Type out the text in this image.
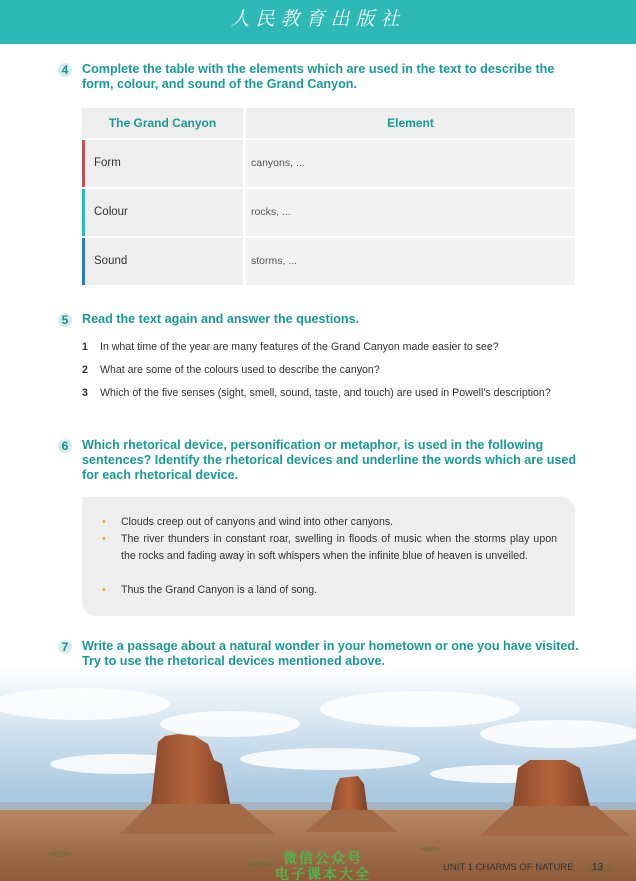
人民教育出版社
4 Complete the table with the elements which are used in the text to describe the form, colour, and sound of the Grand Canyon.
The Grand Canyon	Element
Form	canyons, ...
Colour	rocks, ...
Sound	storms, ...
5 Read the text again and answer the questions.
1 In what time of the year are many features of the Grand Canyon made easier to see?
2 What are some of the colours used to describe the canyon?
3 Which of the five senses (sight, smell, sound, taste, and touch) are used in Powell's description?
6 Which rhetorical device, personification or metaphor, is used in the following sentences? Identify the rhetorical devices and underline the words which are used for each rhetorical device.
• Clouds creep out of canyons and wind into other canyons.
• The river thunders in constant roar, swelling in floods of music when the storms play upon the rocks and fading away in soft whispers when the infinite blue of heaven is unveiled.
• Thus the Grand Canyon is a land of song.
7 Write a passage about a natural wonder in your hometown or one you have visited. Try to use the rhetorical devices mentioned above.
微信公众号
电子课本大全	UNIT 1 CHARMS OF NATURE 13
